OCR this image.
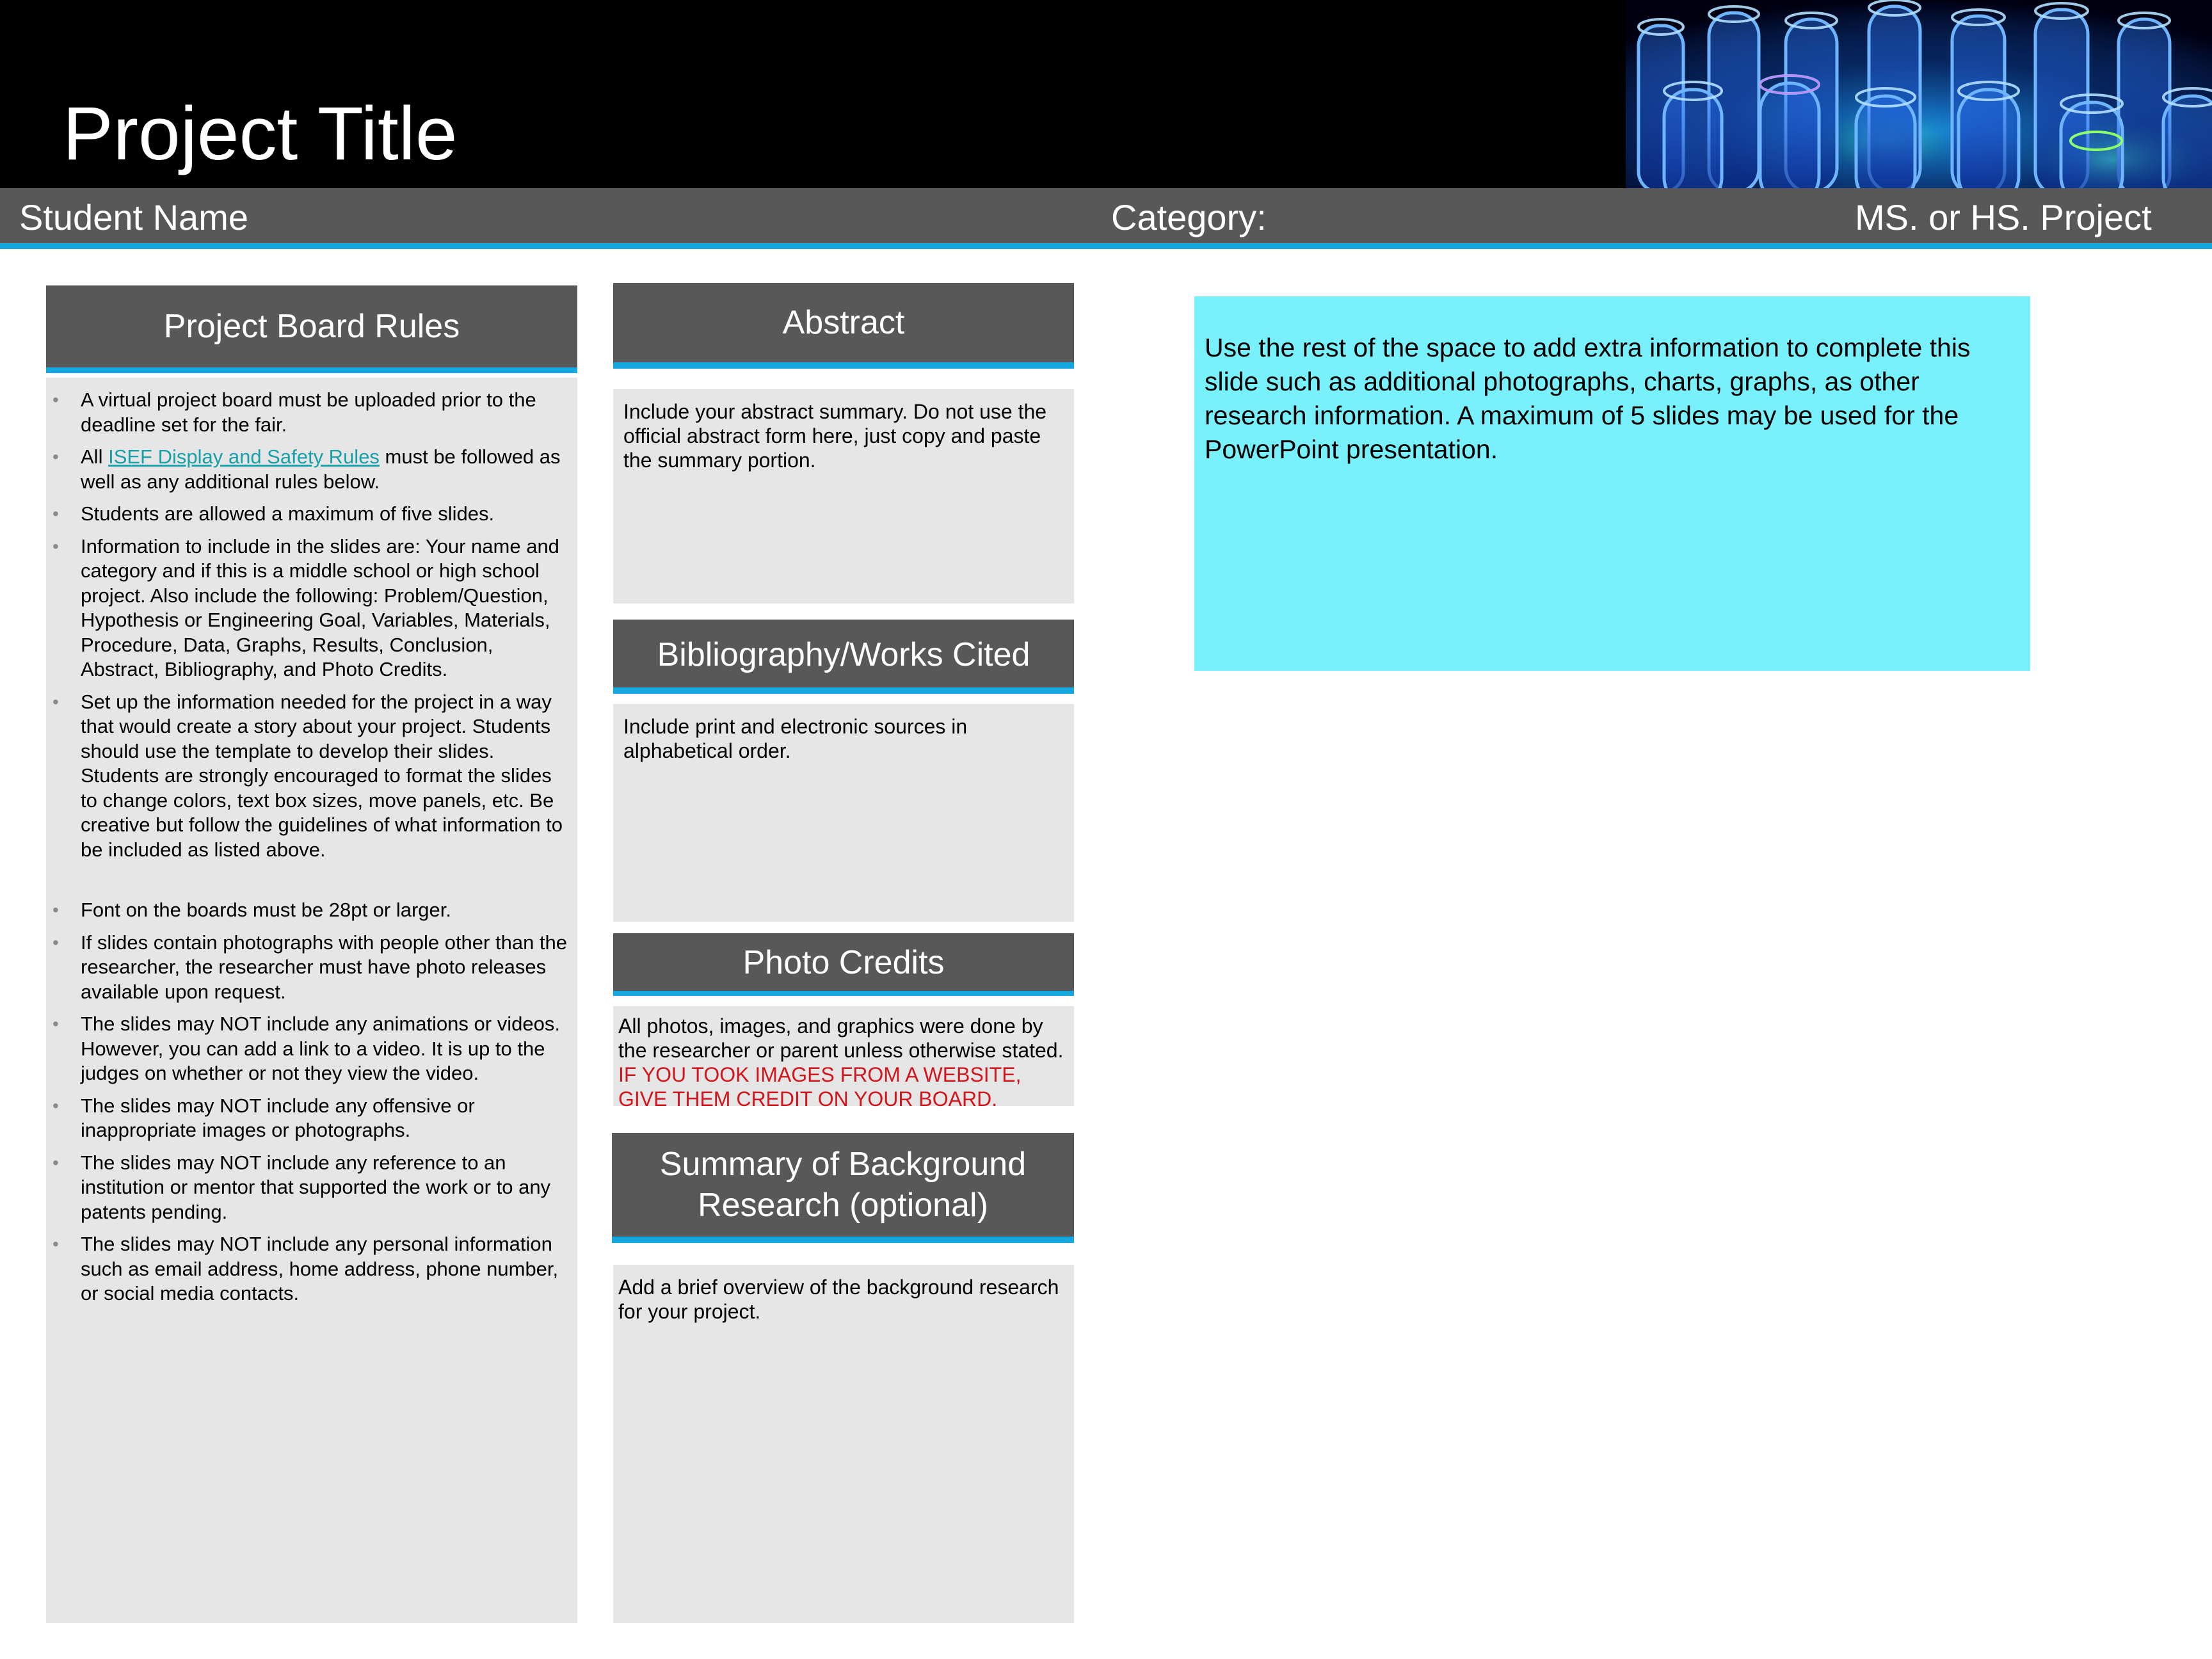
Project Title
Student Name	Category:	MS. or HS. Project
Project Board Rules
•	A virtual project board must be uploaded prior to the deadline set for the fair.
•	All ISEF Display and Safety Rules must be followed as well as any additional rules below.
•	Students are allowed a maximum of five slides.
•	Information to include in the slides are: Your name and category and if this is a middle school or high school project. Also include the following: Problem/Question, Hypothesis or Engineering Goal, Variables, Materials, Procedure, Data, Graphs, Results, Conclusion, Abstract, Bibliography, and Photo Credits.
•	Set up the information needed for the project in a way that would create a story about your project. Students should use the template to develop their slides. Students are strongly encouraged to format the slides to change colors, text box sizes, move panels, etc. Be creative but follow the guidelines of what information to be included as listed above.
•	Font on the boards must be 28pt or larger.
•	If slides contain photographs with people other than the researcher, the researcher must have photo releases available upon request.
•	The slides may NOT include any animations or videos. However, you can add a link to a video. It is up to the judges on whether or not they view the video.
•	The slides may NOT include any offensive or inappropriate images or photographs.
•	The slides may NOT include any reference to an institution or mentor that supported the work or to any patents pending.
•	The slides may NOT include any personal information such as email address, home address, phone number, or social media contacts.
Abstract
Include your abstract summary. Do not use the official abstract form here, just copy and paste the summary portion.
Bibliography/Works Cited
Include print and electronic sources in alphabetical order.
Photo Credits
All photos, images, and graphics were done by the researcher or parent unless otherwise stated. IF YOU TOOK IMAGES FROM A WEBSITE, GIVE THEM CREDIT ON YOUR BOARD.
Summary of Background Research (optional)
Add a brief overview of the background research for your project.
Use the rest of the space to add extra information to complete this slide such as additional photographs, charts, graphs, as other research information. A maximum of 5 slides may be used for the PowerPoint presentation.
